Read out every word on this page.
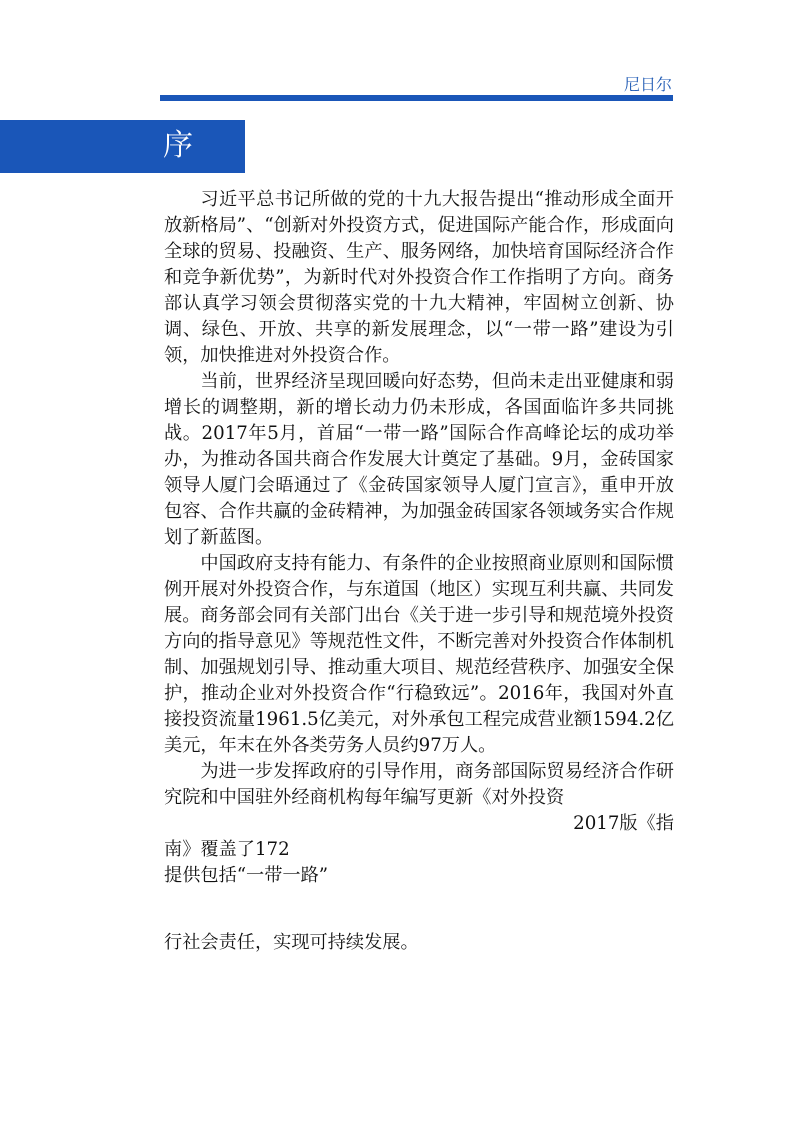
尼日尔
序

习近平总书记所做的党的十九大报告提出“推动形成全面开放新格局”、“创新对外投资方式，促进国际产能合作，形成面向全球的贸易、投融资、生产、服务网络，加快培育国际经济合作和竞争新优势”，为新时代对外投资合作工作指明了方向。商务部认真学习领会贯彻落实党的十九大精神，牢固树立创新、协调、绿色、开放、共享的新发展理念，以“一带一路”建设为引领，加快推进对外投资合作。

当前，世界经济呈现回暖向好态势，但尚未走出亚健康和弱增长的调整期，新的增长动力仍未形成，各国面临许多共同挑战。2017年5月，首届“一带一路”国际合作高峰论坛的成功举办，为推动各国共商合作发展大计奠定了基础。9月，金砖国家领导人厦门会晤通过了《金砖国家领导人厦门宣言》，重申开放包容、合作共赢的金砖精神，为加强金砖国家各领域务实合作规划了新蓝图。

中国政府支持有能力、有条件的企业按照商业原则和国际惯例开展对外投资合作，与东道国（地区）实现互利共赢、共同发展。商务部会同有关部门出台《关于进一步引导和规范境外投资方向的指导意见》等规范性文件，不断完善对外投资合作体制机制、加强规划引导、推动重大项目、规范经营秩序、加强安全保护，推动企业对外投资合作“行稳致远”。2016年，我国对外直接投资流量1961.5亿美元，对外承包工程完成营业额1594.2亿美元，年末在外各类劳务人员约97万人。

为进一步发挥政府的引导作用，商务部国际贸易经济合作研究院和中国驻外经商机构每年编写更新《对外投资

2017版《指

南》覆盖了172

提供包括“一带一路”

行社会责任，实现可持续发展。
